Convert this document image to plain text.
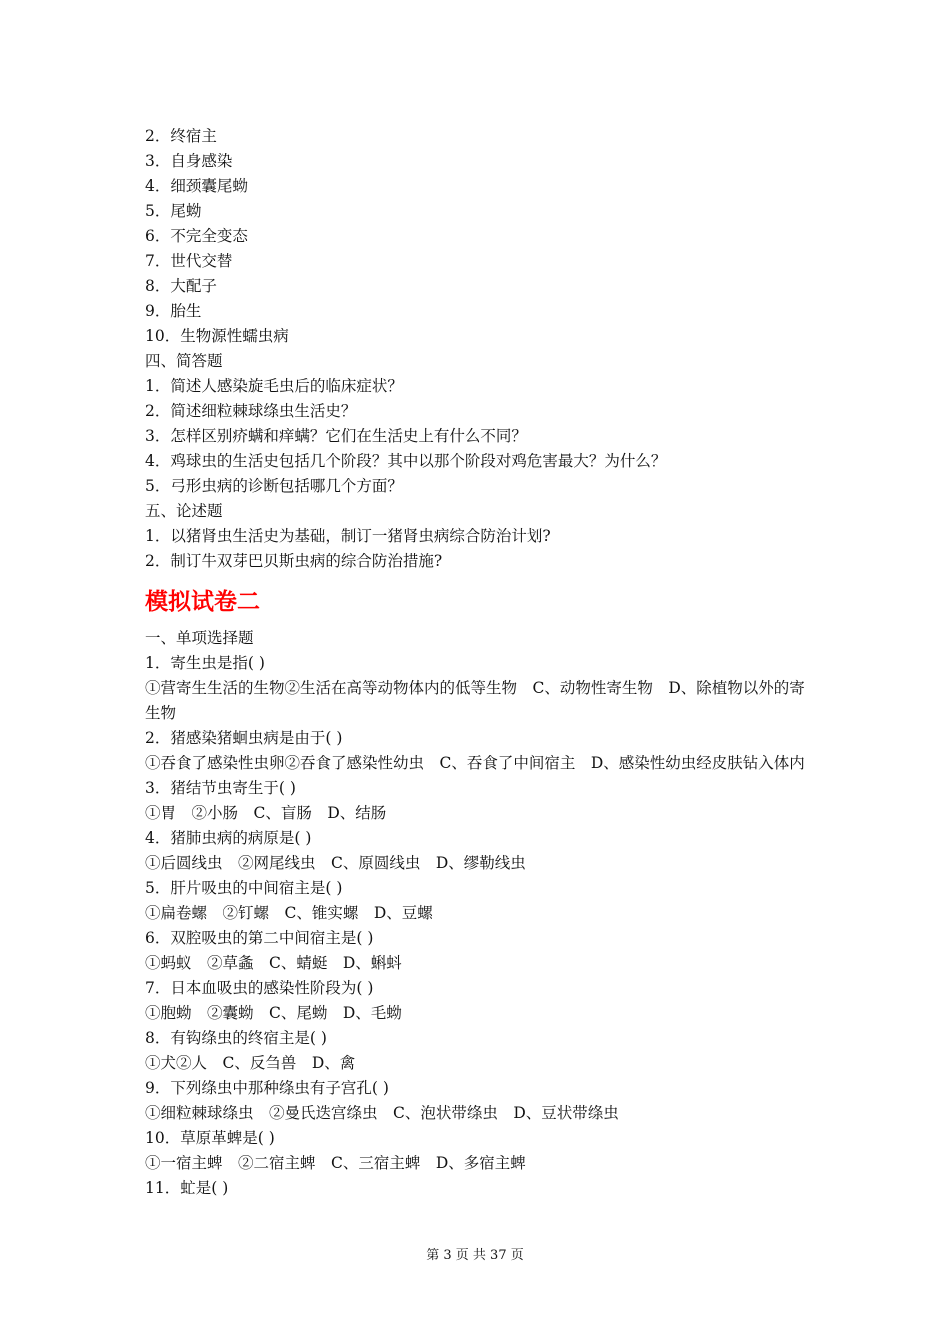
2．终宿主
3．自身感染
4．细颈囊尾蚴
5．尾蚴
6．不完全变态
7．世代交替
8．大配子
9．胎生
10．生物源性蠕虫病
四、简答题
1．简述人感染旋毛虫后的临床症状？
2．简述细粒棘球绦虫生活史？
3．怎样区别疥螨和痒螨？它们在生活史上有什么不同？
4．鸡球虫的生活史包括几个阶段？其中以那个阶段对鸡危害最大？为什么？
5．弓形虫病的诊断包括哪几个方面？
五、论述题
1．以猪肾虫生活史为基础，制订一猪肾虫病综合防治计划?
2．制订牛双芽巴贝斯虫病的综合防治措施?
模拟试卷二
一、单项选择题
1．寄生虫是指( )
①营寄生生活的生物②生活在高等动物体内的低等生物　C、动物性寄生物　D、除植物以外的寄生物
2．猪感染猪蛔虫病是由于( )
①吞食了感染性虫卵②吞食了感染性幼虫　C、吞食了中间宿主　D、感染性幼虫经皮肤钻入体内
3．猪结节虫寄生于( )
①胃　②小肠　C、盲肠　D、结肠
4．猪肺虫病的病原是( )
①后圆线虫　②网尾线虫　C、原圆线虫　D、缪勒线虫
5．肝片吸虫的中间宿主是( )
①扁卷螺　②钉螺　C、锥实螺　D、豆螺
6．双腔吸虫的第二中间宿主是( )
①蚂蚁　②草螽　C、蜻蜓　D、蝌蚪
7．日本血吸虫的感染性阶段为( )
①胞蚴　②囊蚴　C、尾蚴　D、毛蚴
8．有钩绦虫的终宿主是( )
①犬②人　C、反刍兽　D、禽
9．下列绦虫中那种绦虫有子宫孔( )
①细粒棘球绦虫　②曼氏迭宫绦虫　C、泡状带绦虫　D、豆状带绦虫
10．草原革蜱是( )
①一宿主蜱　②二宿主蜱　C、三宿主蜱　D、多宿主蜱
11．虻是( )
第 3 页 共 37 页
